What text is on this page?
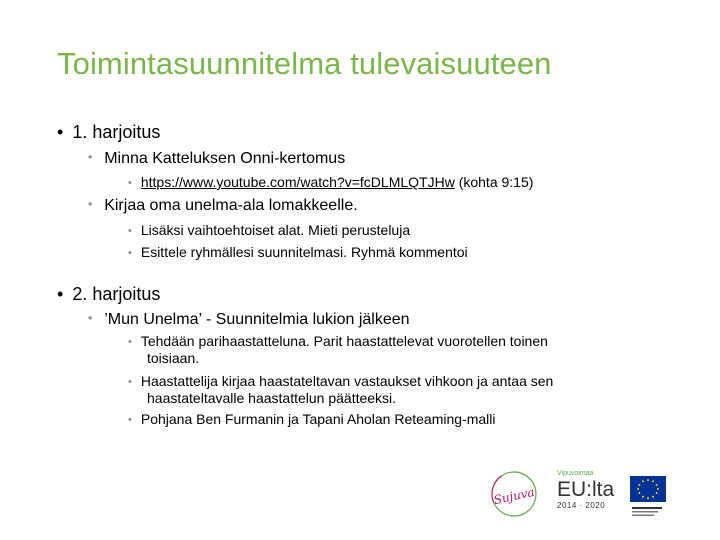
Toimintasuunnitelma tulevaisuuteen
• 1. harjoitus
• Minna Katteluksen Onni-kertomus
• https://www.youtube.com/watch?v=fcDLMLQTJHw (kohta 9:15)
• Kirjaa oma unelma-ala lomakkeelle.
• Lisäksi vaihtoehtoiset alat. Mieti perusteluja
• Esittele ryhmällesi suunnitelmasi. Ryhmä kommentoi
• 2. harjoitus
• ’Mun Unelma’ - Suunnitelmia lukion jälkeen
• Tehdään parihaastatteluna. Parit haastattelevat vuorotellen toinen
toisiaan.
• Haastattelija kirjaa haastateltavan vastaukset vihkoon ja antaa sen
haastateltavalle haastattelun päätteeksi.
• Pohjana Ben Furmanin ja Tapani Aholan Reteaming-malli
Sujuva
Vipuvoimaa
EU:lta
2014 · 2020
